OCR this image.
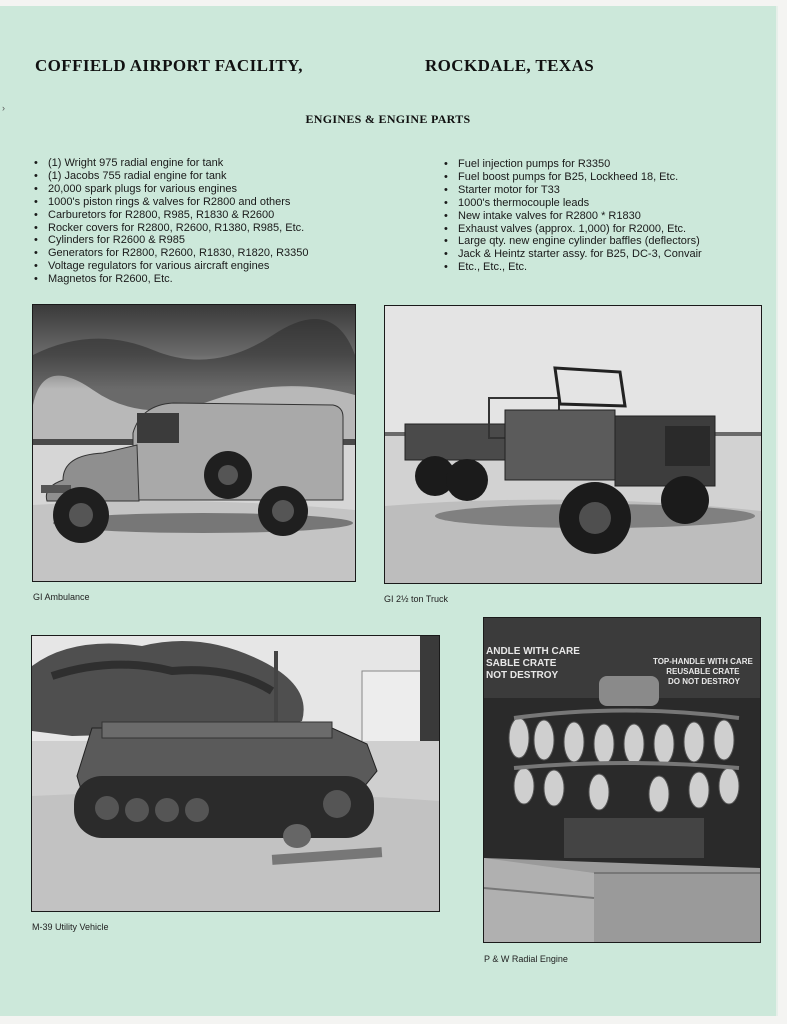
›
COFFIELD AIRPORT FACILITY,	ROCKDALE, TEXAS
ENGINES & ENGINE PARTS
• (1) Wright 975 radial engine for tank
• (1) Jacobs 755 radial engine for tank
• 20,000 spark plugs for various engines
• 1000's piston rings & valves for R2800 and others
• Carburetors for R2800, R985, R1830 & R2600
• Rocker covers for R2800, R2600, R1380, R985, Etc.
• Cylinders for R2600 & R985
• Generators for R2800, R2600, R1830, R1820, R3350
• Voltage regulators for various aircraft engines
• Magnetos for R2600, Etc.
• Fuel injection pumps for R3350
• Fuel boost pumps for B25, Lockheed 18, Etc.
• Starter motor for T33
• 1000's thermocouple leads
• New intake valves for R2800 * R1830
• Exhaust valves (approx. 1,000) for R2000, Etc.
• Large qty. new engine cylinder baffles (deflectors)
• Jack & Heintz starter assy. for B25, DC-3, Convair
• Etc., Etc., Etc.
GI Ambulance	GI 2½ ton Truck
M-39 Utility Vehicle
ANDLE WITH CARE SABLE CRATE NOT DESTROY
TOP-HANDLE WITH CARE REUSABLE CRATE DO NOT DESTROY
P & W Radial Engine
